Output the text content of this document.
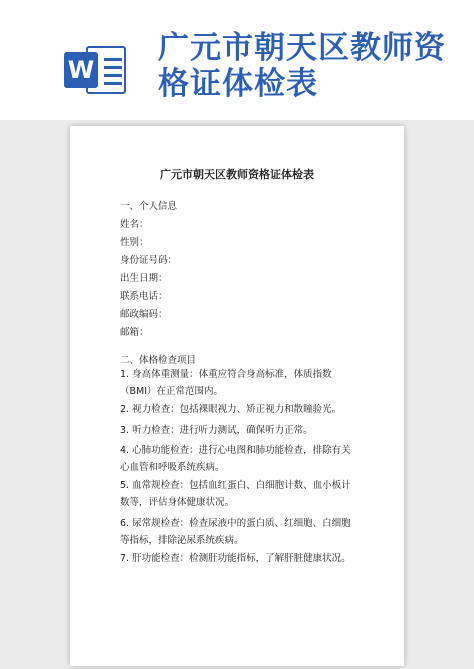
W
广元市朝天区教师资格证体检表
广元市朝天区教师资格证体检表
一、个人信息
姓名：
性别：
身份证号码：
出生日期：
联系电话：
邮政编码：
邮箱：
二、体格检查项目
1. 身高体重测量：体重应符合身高标准，体质指数（BMI）在正常范围内。
2. 视力检查：包括裸眼视力、矫正视力和散瞳验光。
3. 听力检查：进行听力测试，确保听力正常。
4. 心肺功能检查：进行心电图和肺功能检查，排除有关心血管和呼吸系统疾病。
5. 血常规检查：包括血红蛋白、白细胞计数、血小板计数等，评估身体健康状况。
6. 尿常规检查：检查尿液中的蛋白质、红细胞、白细胞等指标，排除泌尿系统疾病。
7. 肝功能检查：检测肝功能指标，了解肝脏健康状况。
